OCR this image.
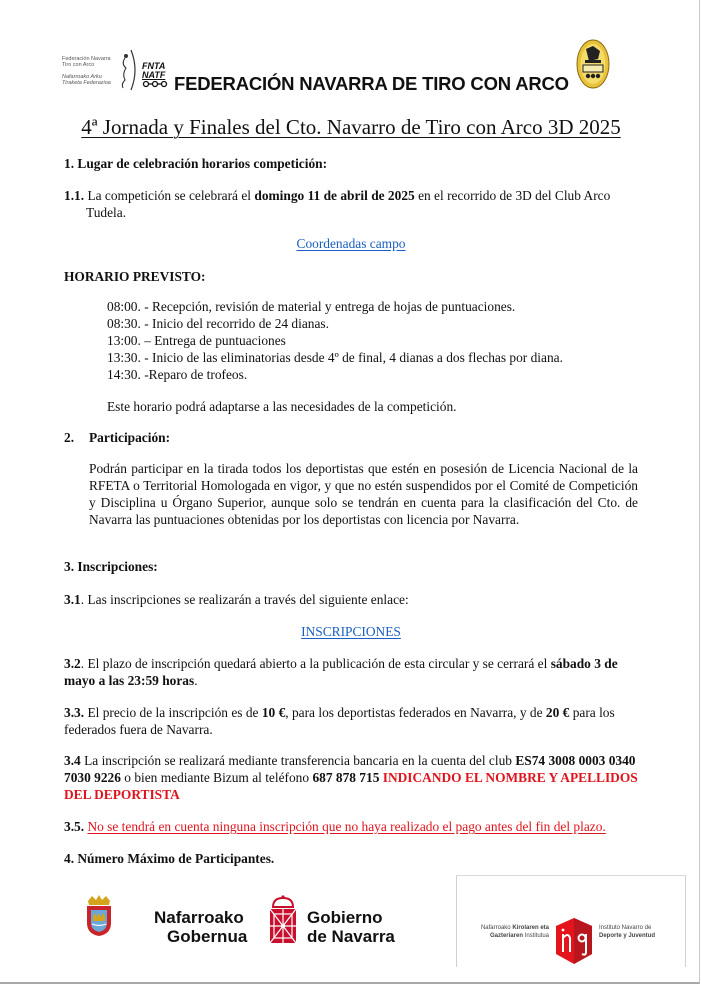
Federación Navarra
Tiro con Arco
Nafarroako Arku
Tiraketa Federazioa
FNTA
NATF FEDERACIÓN NAVARRA DE TIRO CON ARCO
4ª Jornada y Finales del Cto. Navarro de Tiro con Arco 3D 2025
1. Lugar de celebración horarios competición:
1.1. La competición se celebrará el domingo 11 de abril de 2025 en el recorrido de 3D del Club Arco Tudela.
Coordenadas campo
HORARIO PREVISTO:
08:00. - Recepción, revisión de material y entrega de hojas de puntuaciones.
08:30. - Inicio del recorrido de 24 dianas.
13:00. – Entrega de puntuaciones
13:30. - Inicio de las eliminatorias desde 4º de final, 4 dianas a dos flechas por diana.
14:30. -Reparo de trofeos.
Este horario podrá adaptarse a las necesidades de la competición.
2. Participación:
Podrán participar en la tirada todos los deportistas que estén en posesión de Licencia Nacional de la RFETA o Territorial Homologada en vigor, y que no estén suspendidos por el Comité de Competición y Disciplina u Órgano Superior, aunque solo se tendrán en cuenta para la clasificación del Cto. de Navarra las puntuaciones obtenidas por los deportistas con licencia por Navarra.
3. Inscripciones:
3.1. Las inscripciones se realizarán a través del siguiente enlace:
INSCRIPCIONES
3.2. El plazo de inscripción quedará abierto a la publicación de esta circular y se cerrará el sábado 3 de mayo a las 23:59 horas.
3.3. El precio de la inscripción es de 10 €, para los deportistas federados en Navarra, y de 20 € para los federados fuera de Navarra.
3.4 La inscripción se realizará mediante transferencia bancaria en la cuenta del club ES74 3008 0003 0340 7030 9226 o bien mediante Bizum al teléfono 687 878 715 INDICANDO EL NOMBRE Y APELLIDOS DEL DEPORTISTA
3.5. No se tendrá en cuenta ninguna inscripción que no haya realizado el pago antes del fin del plazo.
4. Número Máximo de Participantes.
Nafarroako
Gobernua
Gobierno
de Navarra	Nafarroako Kirolaren eta
Gazteriaren Institutua
Instituto Navarro de
Deporte y Juventud
